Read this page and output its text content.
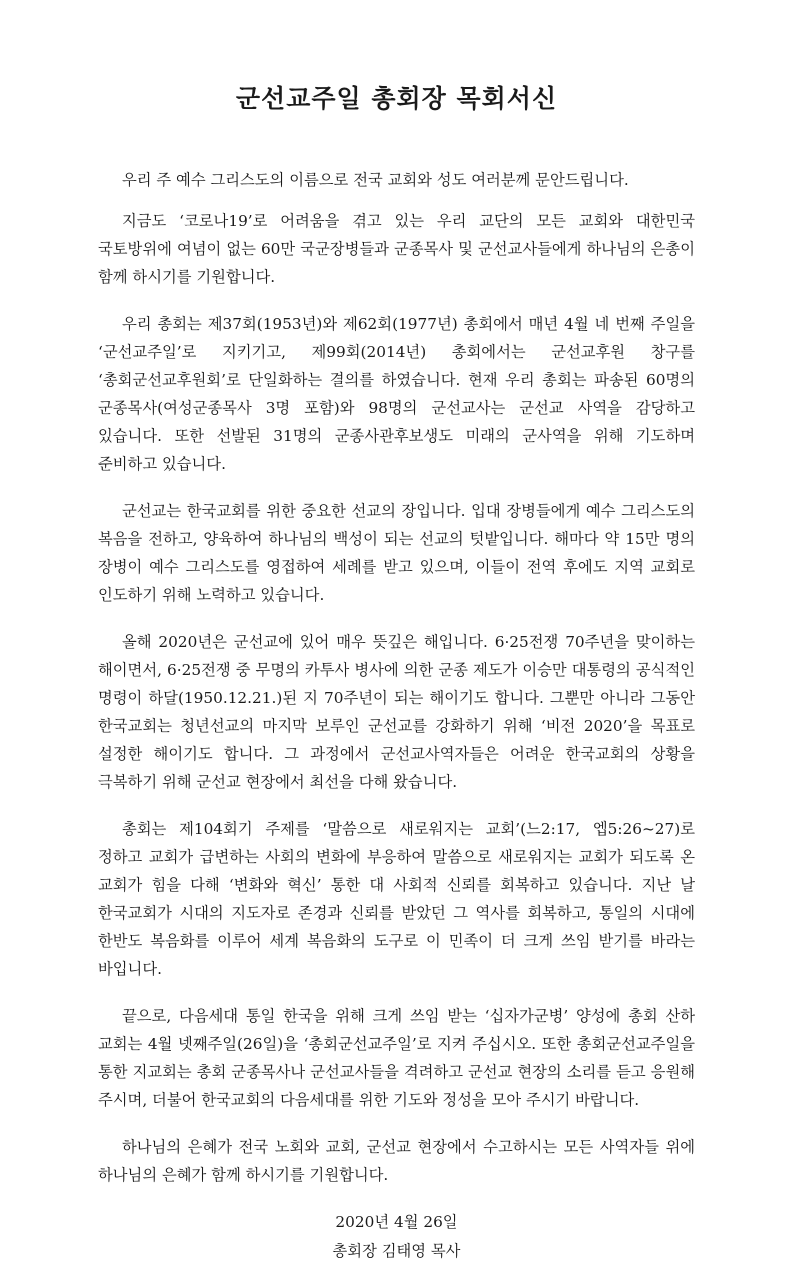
군선교주일 총회장 목회서신

우리 주 예수 그리스도의 이름으로 전국 교회와 성도 여러분께 문안드립니다.

지금도 ‘코로나19’로 어려움을 겪고 있는 우리 교단의 모든 교회와 대한민국 국토방위에 여념이 없는 60만 국군장병들과 군종목사 및 군선교사들에게 하나님의 은총이 함께 하시기를 기원합니다.

우리 총회는 제37회(1953년)와 제62회(1977년) 총회에서 매년 4월 네 번째 주일을 ‘군선교주일’로 지키기고, 제99회(2014년) 총회에서는 군선교후원 창구를 ‘총회군선교후원회’로 단일화하는 결의를 하였습니다. 현재 우리 총회는 파송된 60명의 군종목사(여성군종목사 3명 포함)와 98명의 군선교사는 군선교 사역을 감당하고 있습니다. 또한 선발된 31명의 군종사관후보생도 미래의 군사역을 위해 기도하며 준비하고 있습니다.

군선교는 한국교회를 위한 중요한 선교의 장입니다. 입대 장병들에게 예수 그리스도의 복음을 전하고, 양육하여 하나님의 백성이 되는 선교의 텃밭입니다. 해마다 약 15만 명의 장병이 예수 그리스도를 영접하여 세례를 받고 있으며, 이들이 전역 후에도 지역 교회로 인도하기 위해 노력하고 있습니다.

올해 2020년은 군선교에 있어 매우 뜻깊은 해입니다. 6·25전쟁 70주년을 맞이하는 해이면서, 6·25전쟁 중 무명의 카투사 병사에 의한 군종 제도가 이승만 대통령의 공식적인 명령이 하달(1950.12.21.)된 지 70주년이 되는 해이기도 합니다. 그뿐만 아니라 그동안 한국교회는 청년선교의 마지막 보루인 군선교를 강화하기 위해 ‘비전 2020’을 목표로 설정한 해이기도 합니다. 그 과정에서 군선교사역자들은 어려운 한국교회의 상황을 극복하기 위해 군선교 현장에서 최선을 다해 왔습니다.

총회는 제104회기 주제를 ‘말씀으로 새로워지는 교회’(느2:17, 엡5:26~27)로 정하고 교회가 급변하는 사회의 변화에 부응하여 말씀으로 새로워지는 교회가 되도록 온 교회가 힘을 다해 ‘변화와 혁신’ 통한 대 사회적 신뢰를 회복하고 있습니다. 지난 날 한국교회가 시대의 지도자로 존경과 신뢰를 받았던 그 역사를 회복하고, 통일의 시대에 한반도 복음화를 이루어 세계 복음화의 도구로 이 민족이 더 크게 쓰임 받기를 바라는 바입니다.

끝으로, 다음세대 통일 한국을 위해 크게 쓰임 받는 ‘십자가군병’ 양성에 총회 산하 교회는 4월 넷째주일(26일)을 ‘총회군선교주일’로 지켜 주십시오. 또한 총회군선교주일을 통한 지교회는 총회 군종목사나 군선교사들을 격려하고 군선교 현장의 소리를 듣고 응원해 주시며, 더불어 한국교회의 다음세대를 위한 기도와 정성을 모아 주시기 바랍니다.

하나님의 은혜가 전국 노회와 교회, 군선교 현장에서 수고하시는 모든 사역자들 위에 하나님의 은혜가 함께 하시기를 기원합니다.

2020년 4월 26일

총회장 김태영 목사
